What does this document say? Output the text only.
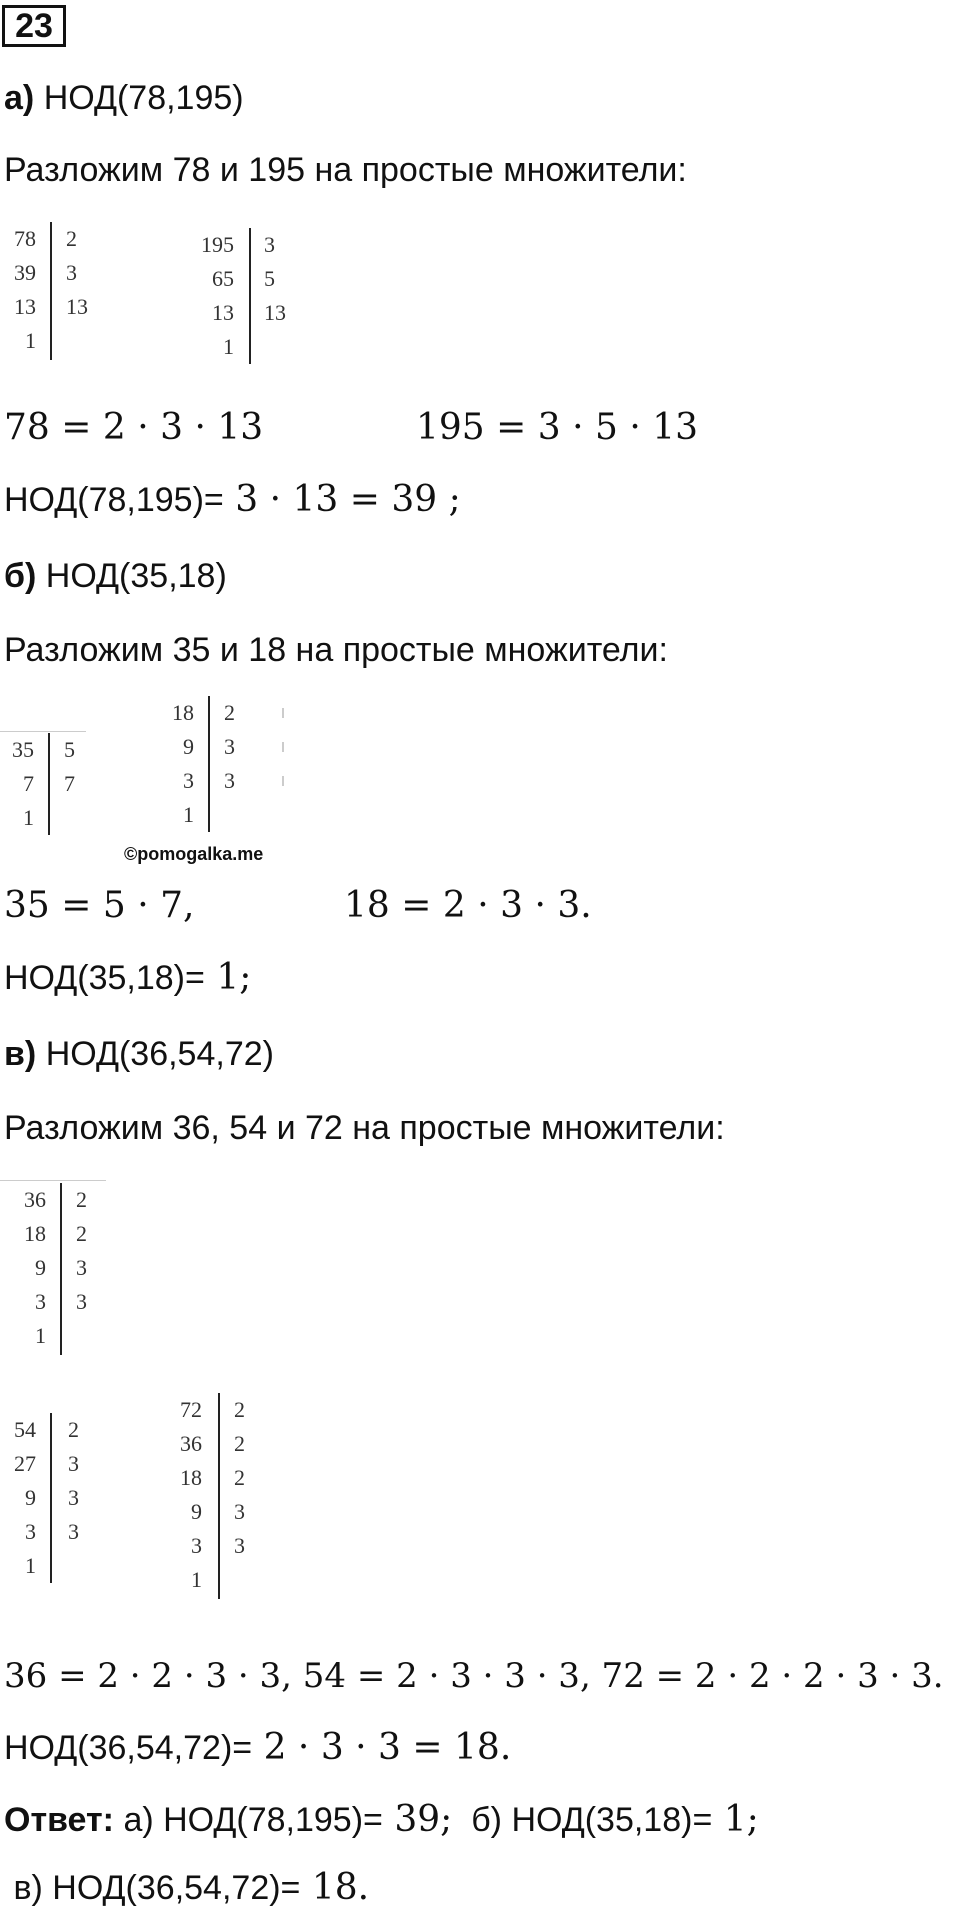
23
а) НОД(78,195)
Разложим 78 и 195 на простые множители:
78
39
13
1
2
3
13
195
65
13
1
3
5
13
78 = 2 · 3 · 13	195 = 3 · 5 · 13
НОД(78,195)= 3 · 13 = 39 ;
б) НОД(35,18)
Разложим 35 и 18 на простые множители:
35
7
1
5
7
18
9
3
1
2
3
3
©pomogalka.me
35 = 5 · 7,	18 = 2 · 3 · 3.
НОД(35,18)= 1;
в) НОД(36,54,72)
Разложим 36, 54 и 72 на простые множители:
36
18
9
3
1
2
2
3
3
54
27
9
3
1
2
3
3
3
72
36
18
9
3
1
2
2
2
3
3
36 = 2 · 2 · 3 · 3, 54 = 2 · 3 · 3 · 3, 72 = 2 · 2 · 2 · 3 · 3.
НОД(36,54,72)= 2 · 3 · 3 = 18.
Ответ: а) НОД(78,195)= 39;  б) НОД(35,18)= 1;
в) НОД(36,54,72)= 18.
